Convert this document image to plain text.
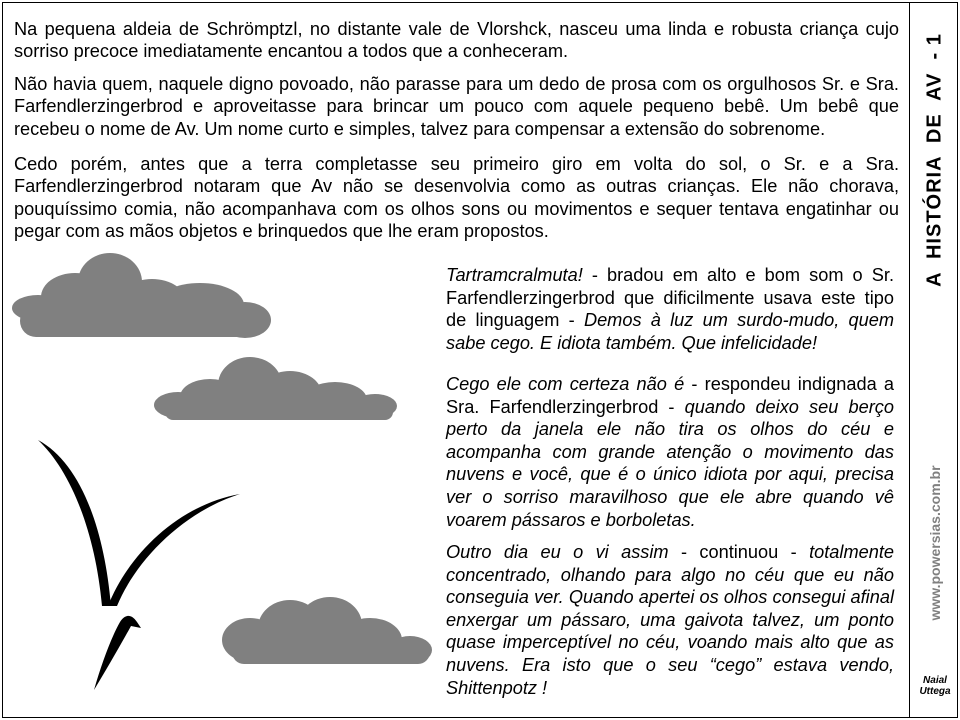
Na pequena aldeia de Schrömptzl, no distante vale de Vlorshck, nasceu uma linda e robusta criança cujo sorriso precoce imediatamente encantou a todos que a conheceram.
Não havia quem, naquele digno povoado, não parasse para um dedo de prosa com os orgulhosos Sr. e Sra. Farfendlerzingerbrod e aproveitasse para brincar um pouco com aquele pequeno bebê. Um bebê que recebeu o nome de Av. Um nome curto e simples, talvez para compensar a extensão do sobrenome.
Cedo porém, antes que a terra completasse seu primeiro giro em volta do sol, o Sr. e a Sra. Farfendlerzingerbrod notaram que Av não se desenvolvia como as outras crianças. Ele não chorava, pouquíssimo comia, não acompanhava com os olhos sons ou movimentos e sequer tentava engatinhar ou pegar com as mãos objetos e brinquedos que lhe eram propostos.
Tartramcralmuta! - bradou em alto e bom som o Sr. Farfendlerzingerbrod que dificilmente usava este tipo de linguagem - Demos à luz um surdo-mudo, quem sabe cego. E idiota também. Que infelicidade!
Cego ele com certeza não é - respondeu indignada a Sra. Farfendlerzingerbrod - quando deixo seu berço perto da janela ele não tira os olhos do céu e acompanha com grande atenção o movimento das nuvens e você, que é o único idiota por aqui, precisa ver o sorriso maravilhoso que ele abre quando vê voarem pássaros e borboletas.
Outro dia eu o vi assim - continuou - totalmente concentrado, olhando para algo no céu que eu não conseguia ver. Quando apertei os olhos consegui afinal enxergar um pássaro, uma gaivota talvez, um ponto quase imperceptível no céu, voando mais alto que as nuvens. Era isto que o seu “cego” estava vendo, Shittenpotz !
A  HISTÓRIA  DE  AV  - 1
www.powersias.com.br
Naial
Uttega
